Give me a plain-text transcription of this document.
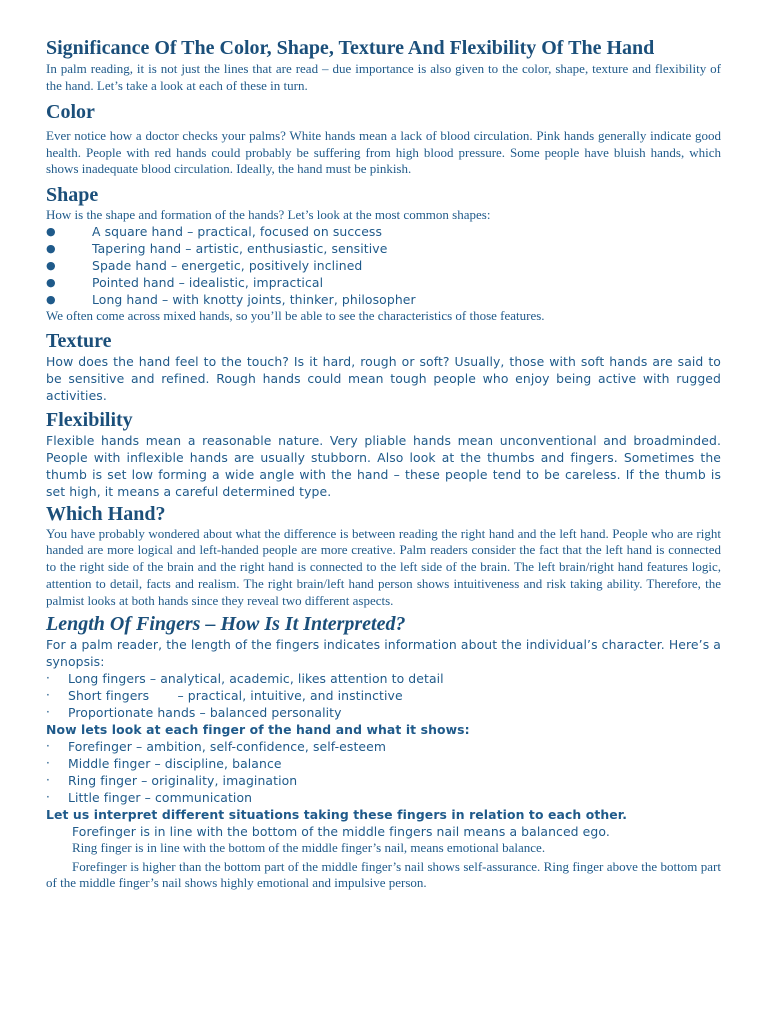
Significance Of The Color, Shape, Texture And Flexibility Of The Hand

In palm reading, it is not just the lines that are read – due importance is also given to the color, shape, texture and flexibility of the hand. Let’s take a look at each of these in turn.

Color

Ever notice how a doctor checks your palms? White hands mean a lack of blood circulation. Pink hands generally indicate good health. People with red hands could probably be suffering from high blood pressure. Some people have bluish hands, which shows inadequate blood circulation. Ideally, the hand must be pinkish.

Shape

How is the shape and formation of the hands? Let’s look at the most common shapes:

●	A square hand – practical, focused on success
●	Tapering hand – artistic, enthusiastic, sensitive
●	Spade hand – energetic, positively inclined
●	Pointed hand – idealistic, impractical
●	Long hand – with knotty joints, thinker, philosopher

We often come across mixed hands, so you’ll be able to see the characteristics of those features.

Texture

How does the hand feel to the touch? Is it hard, rough or soft? Usually, those with soft hands are said to be sensitive and refined. Rough hands could mean tough people who enjoy being active with rugged activities.

Flexibility

Flexible hands mean a reasonable nature. Very pliable hands mean unconventional and broadminded. People with inflexible hands are usually stubborn. Also look at the thumbs and fingers. Sometimes the thumb is set low forming a wide angle with the hand – these people tend to be careless. If the thumb is set high, it means a careful determined type.

Which Hand?

You have probably wondered about what the difference is between reading the right hand and the left hand. People who are right handed are more logical and left-handed people are more creative. Palm readers consider the fact that the left hand is connected to the right side of the brain and the right hand is connected to the left side of the brain. The left brain/right hand features logic, attention to detail, facts and realism. The right brain/left hand person shows intuitiveness and risk taking ability. Therefore, the palmist looks at both hands since they reveal two different aspects.

Length Of Fingers – How Is It Interpreted?

For a palm reader, the length of the fingers indicates information about the individual’s character. Here’s a synopsis:

·	Long fingers – analytical, academic, likes attention to detail
·	Short fingers       – practical, intuitive, and instinctive
·	Proportionate hands – balanced personality

Now lets look at each finger of the hand and what it shows:

·	Forefinger – ambition, self-confidence, self-esteem
·	Middle finger – discipline, balance
·	Ring finger – originality, imagination
·	Little finger – communication

Let us interpret different situations taking these fingers in relation to each other.

Forefinger is in line with the bottom of the middle fingers nail means a balanced ego.
Ring finger is in line with the bottom of the middle finger’s nail, means emotional balance.

Forefinger is higher than the bottom part of the middle finger’s nail shows self-assurance. Ring finger above the bottom part of the middle finger’s nail shows highly emotional and impulsive person.
